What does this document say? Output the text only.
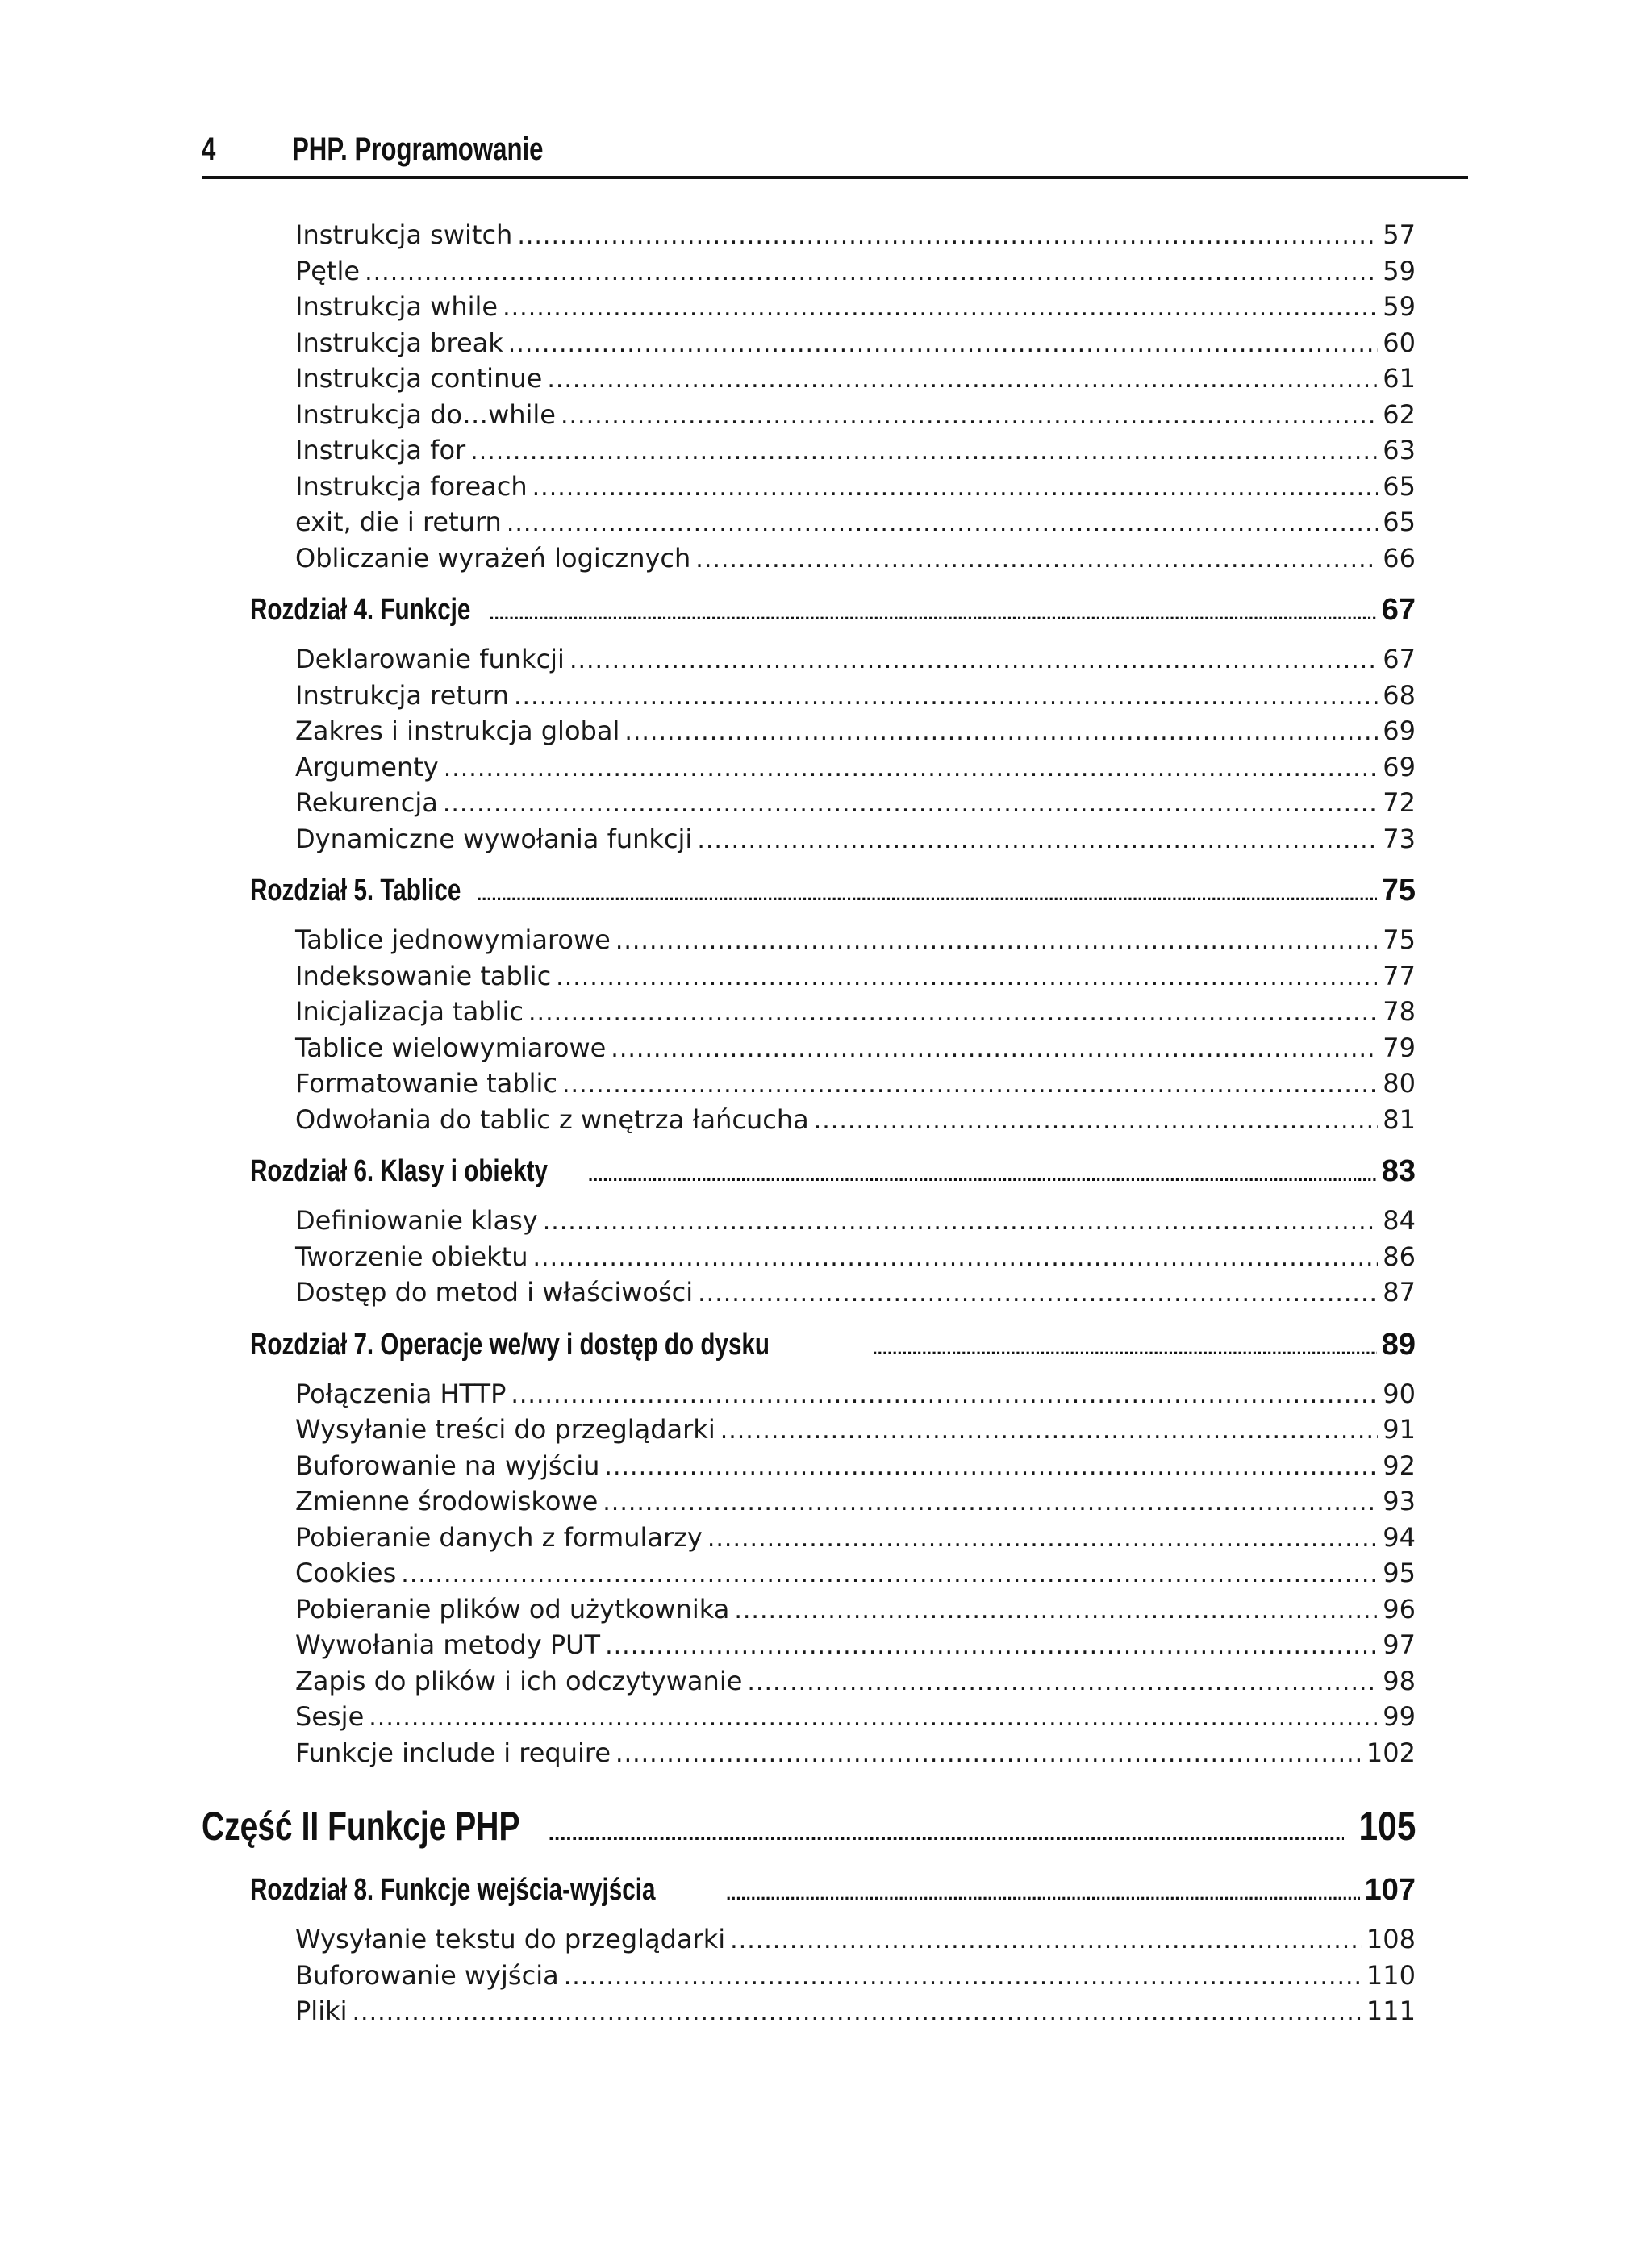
4	PHP. Programowanie
Instrukcja switch .....	57
Pętle .....	59
Instrukcja while .....	59
Instrukcja break .....	60
Instrukcja continue .....	61
Instrukcja do…while .....	62
Instrukcja for .....	63
Instrukcja foreach .....	65
exit, die i return .....	65
Obliczanie wyrażeń logicznych .....	66
Rozdział 4. Funkcje .....	67
Deklarowanie funkcji .....	67
Instrukcja return .....	68
Zakres i instrukcja global .....	69
Argumenty .....	69
Rekurencja .....	72
Dynamiczne wywołania funkcji .....	73
Rozdział 5. Tablice .....	75
Tablice jednowymiarowe .....	75
Indeksowanie tablic .....	77
Inicjalizacja tablic .....	78
Tablice wielowymiarowe .....	79
Formatowanie tablic .....	80
Odwołania do tablic z wnętrza łańcucha .....	81
Rozdział 6. Klasy i obiekty .....	83
Definiowanie klasy .....	84
Tworzenie obiektu .....	86
Dostęp do metod i właściwości .....	87
Rozdział 7. Operacje we/wy i dostęp do dysku .....	89
Połączenia HTTP .....	90
Wysyłanie treści do przeglądarki .....	91
Buforowanie na wyjściu .....	92
Zmienne środowiskowe .....	93
Pobieranie danych z formularzy .....	94
Cookies .....	95
Pobieranie plików od użytkownika .....	96
Wywołania metody PUT .....	97
Zapis do plików i ich odczytywanie .....	98
Sesje .....	99
Funkcje include i require .....	102
Część II Funkcje PHP .....	105
Rozdział 8. Funkcje wejścia-wyjścia .....	107
Wysyłanie tekstu do przeglądarki .....	108
Buforowanie wyjścia .....	110
Pliki .....	111
